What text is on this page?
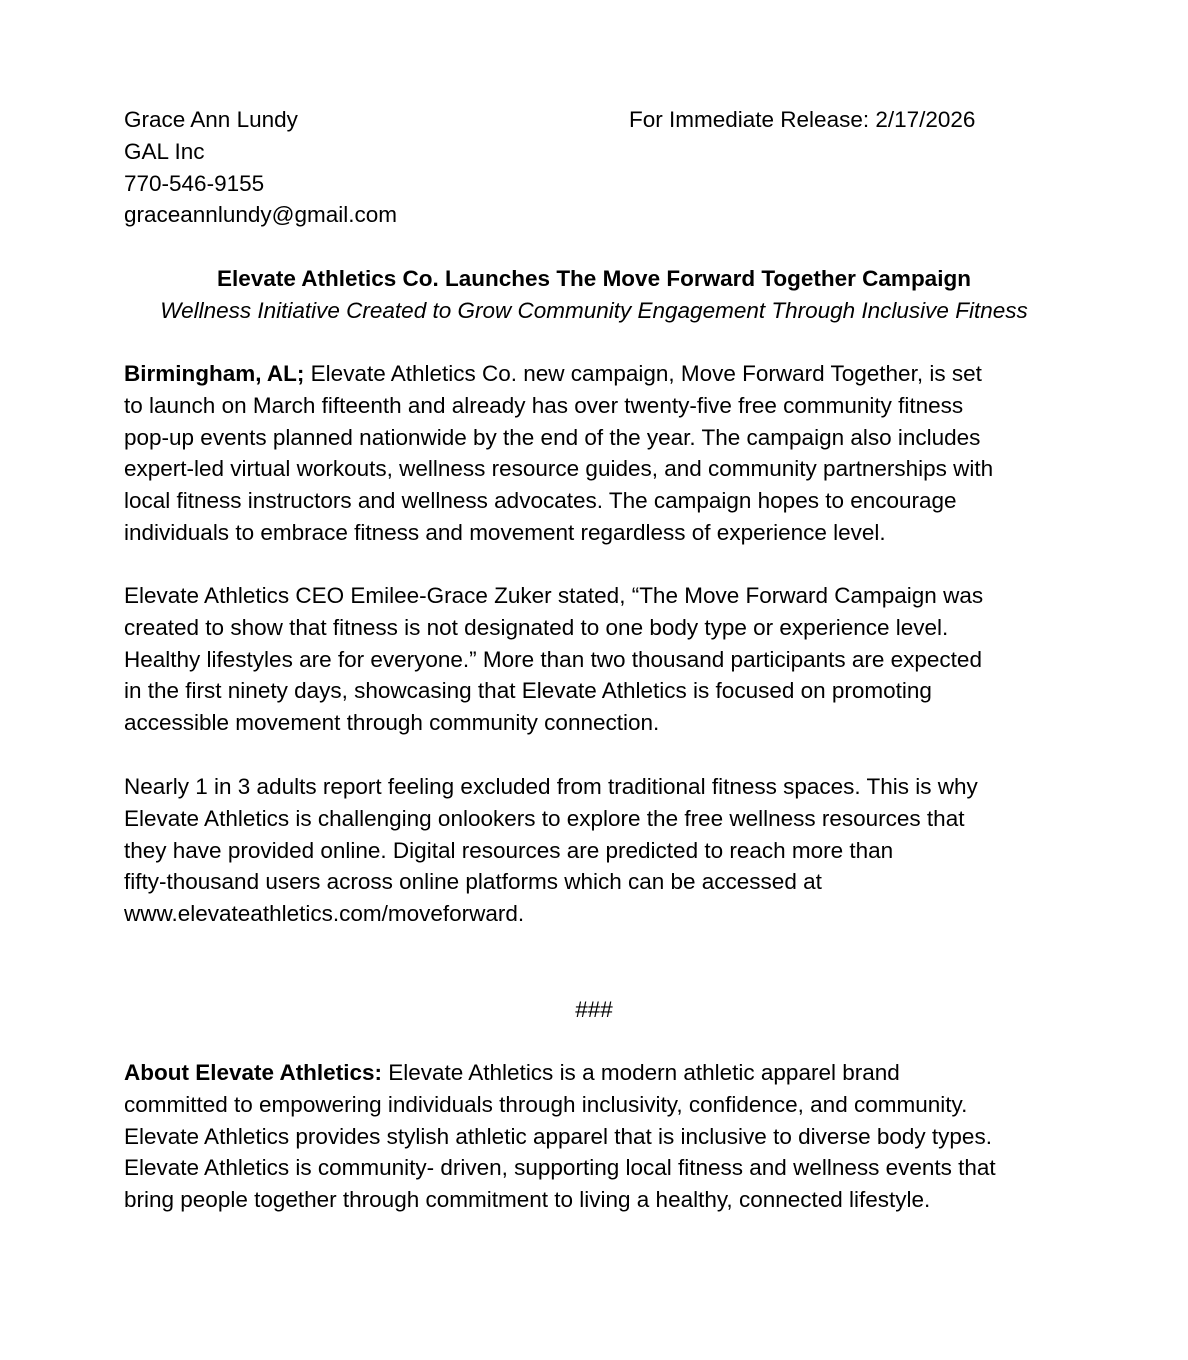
Grace Ann Lundy
GAL Inc
770-546-9155
graceannlundy@gmail.com
For Immediate Release: 2/17/2026
Elevate Athletics Co. Launches The Move Forward Together Campaign
Wellness Initiative Created to Grow Community Engagement Through Inclusive Fitness

Birmingham, AL; Elevate Athletics Co. new campaign, Move Forward Together, is set
to launch on March fifteenth and already has over twenty-five free community fitness
pop-up events planned nationwide by the end of the year. The campaign also includes
expert-led virtual workouts, wellness resource guides, and community partnerships with
local fitness instructors and wellness advocates. The campaign hopes to encourage
individuals to embrace fitness and movement regardless of experience level.

Elevate Athletics CEO Emilee-Grace Zuker stated, “The Move Forward Campaign was
created to show that fitness is not designated to one body type or experience level.
Healthy lifestyles are for everyone.” More than two thousand participants are expected
in the first ninety days, showcasing that Elevate Athletics is focused on promoting
accessible movement through community connection.

Nearly 1 in 3 adults report feeling excluded from traditional fitness spaces. This is why
Elevate Athletics is challenging onlookers to explore the free wellness resources that
they have provided online. Digital resources are predicted to reach more than
fifty-thousand users across online platforms which can be accessed at
www.elevateathletics.com/moveforward.

###

About Elevate Athletics: Elevate Athletics is a modern athletic apparel brand
committed to empowering individuals through inclusivity, confidence, and community.
Elevate Athletics provides stylish athletic apparel that is inclusive to diverse body types.
Elevate Athletics is community- driven, supporting local fitness and wellness events that
bring people together through commitment to living a healthy, connected lifestyle.
